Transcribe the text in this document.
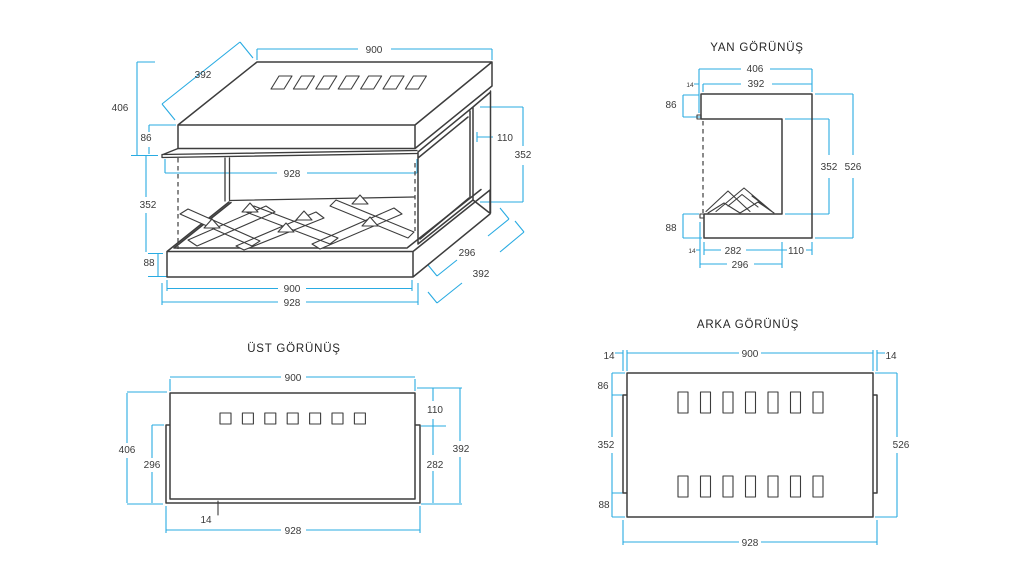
900
392
406
86
928
352
88
900
928
296
392
110
352
YAN GÖRÜNÜŞ
406
392
14
86
352 526
88
282	110
296
14
ÜST GÖRÜNÜŞ
900
406
296
110
282
392
14
928
ARKA GÖRÜNÜŞ
14	900	14
86
352
88
526
928
